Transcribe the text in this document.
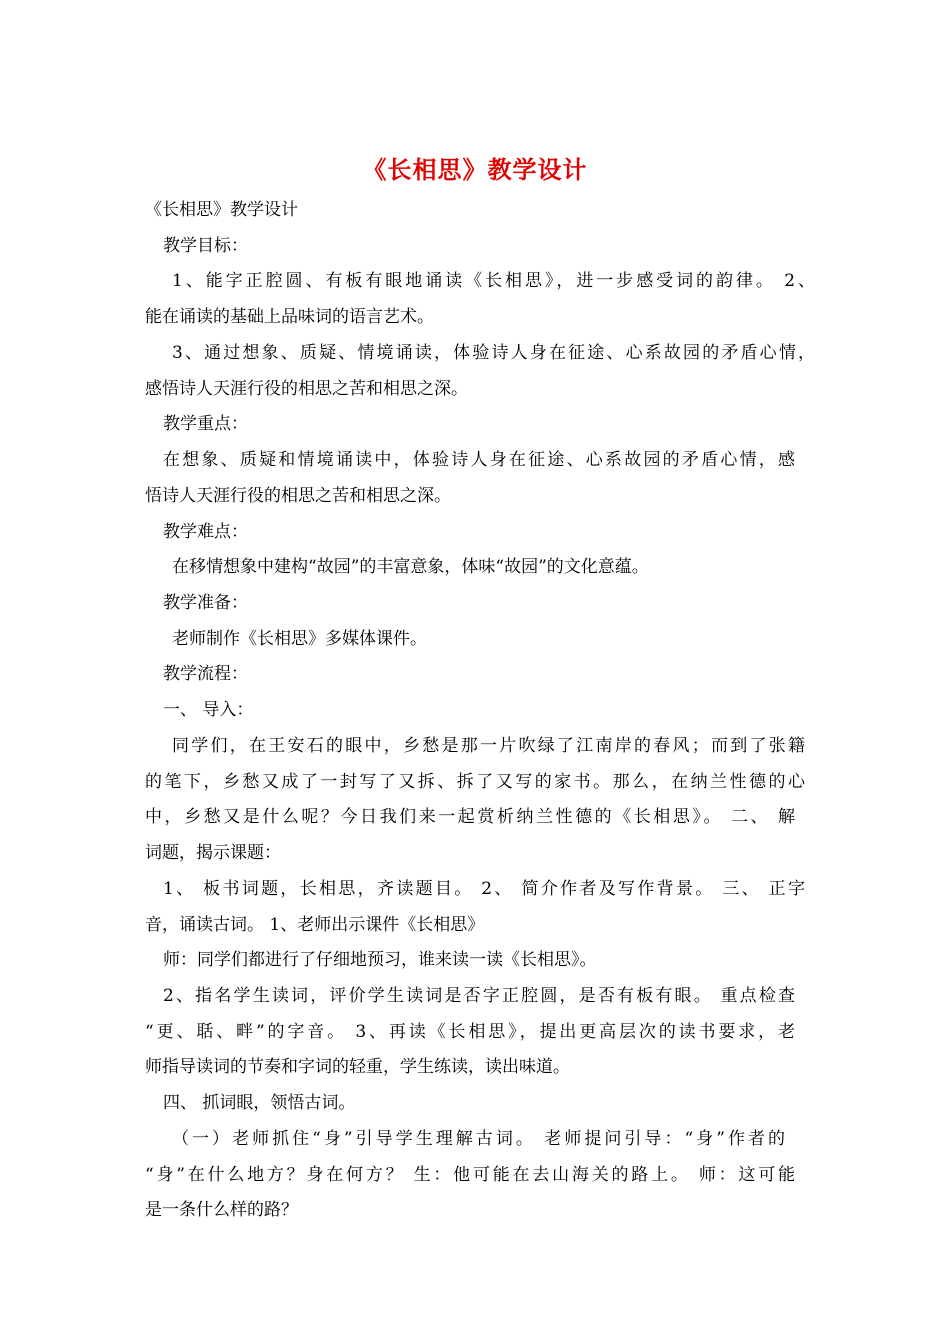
《长相思》教学设计
《长相思》教学设计
教学目标：
1、能字正腔圆、有板有眼地诵读《长相思》，进一步感受词的韵律。 2、
能在诵读的基础上品味词的语言艺术。
3、通过想象、质疑、情境诵读，体验诗人身在征途、心系故园的矛盾心情，
感悟诗人天涯行役的相思之苦和相思之深。
教学重点：
在想象、质疑和情境诵读中，体验诗人身在征途、心系故园的矛盾心情，感
悟诗人天涯行役的相思之苦和相思之深。
教学难点：
在移情想象中建构“故园”的丰富意象，体味“故园”的文化意蕴。
教学准备：
老师制作《长相思》多媒体课件。
教学流程：
一、 导入：
同学们，在王安石的眼中，乡愁是那一片吹绿了江南岸的春风；而到了张籍
的笔下，乡愁又成了一封写了又拆、拆了又写的家书。那么，在纳兰性德的心
中，乡愁又是什么呢？今日我们来一起赏析纳兰性德的《长相思》。 二、 解
词题，揭示课题：
1、 板书词题，长相思，齐读题目。 2、 简介作者及写作背景。 三、 正字
音，诵读古词。 1、老师出示课件《长相思》
师：同学们都进行了仔细地预习，谁来读一读《长相思》。
2、指名学生读词，评价学生读词是否字正腔圆，是否有板有眼。 重点检查
“更、聒、畔”的字音。 3、再读《长相思》，提出更高层次的读书要求，老
师指导读词的节奏和字词的轻重，学生练读，读出味道。
四、 抓词眼，领悟古词。
（一）老师抓住“身”引导学生理解古词。 老师提问引导：“身”作者的
“身”在什么地方？身在何方？ 生：他可能在去山海关的路上。 师：这可能
是一条什么样的路？
